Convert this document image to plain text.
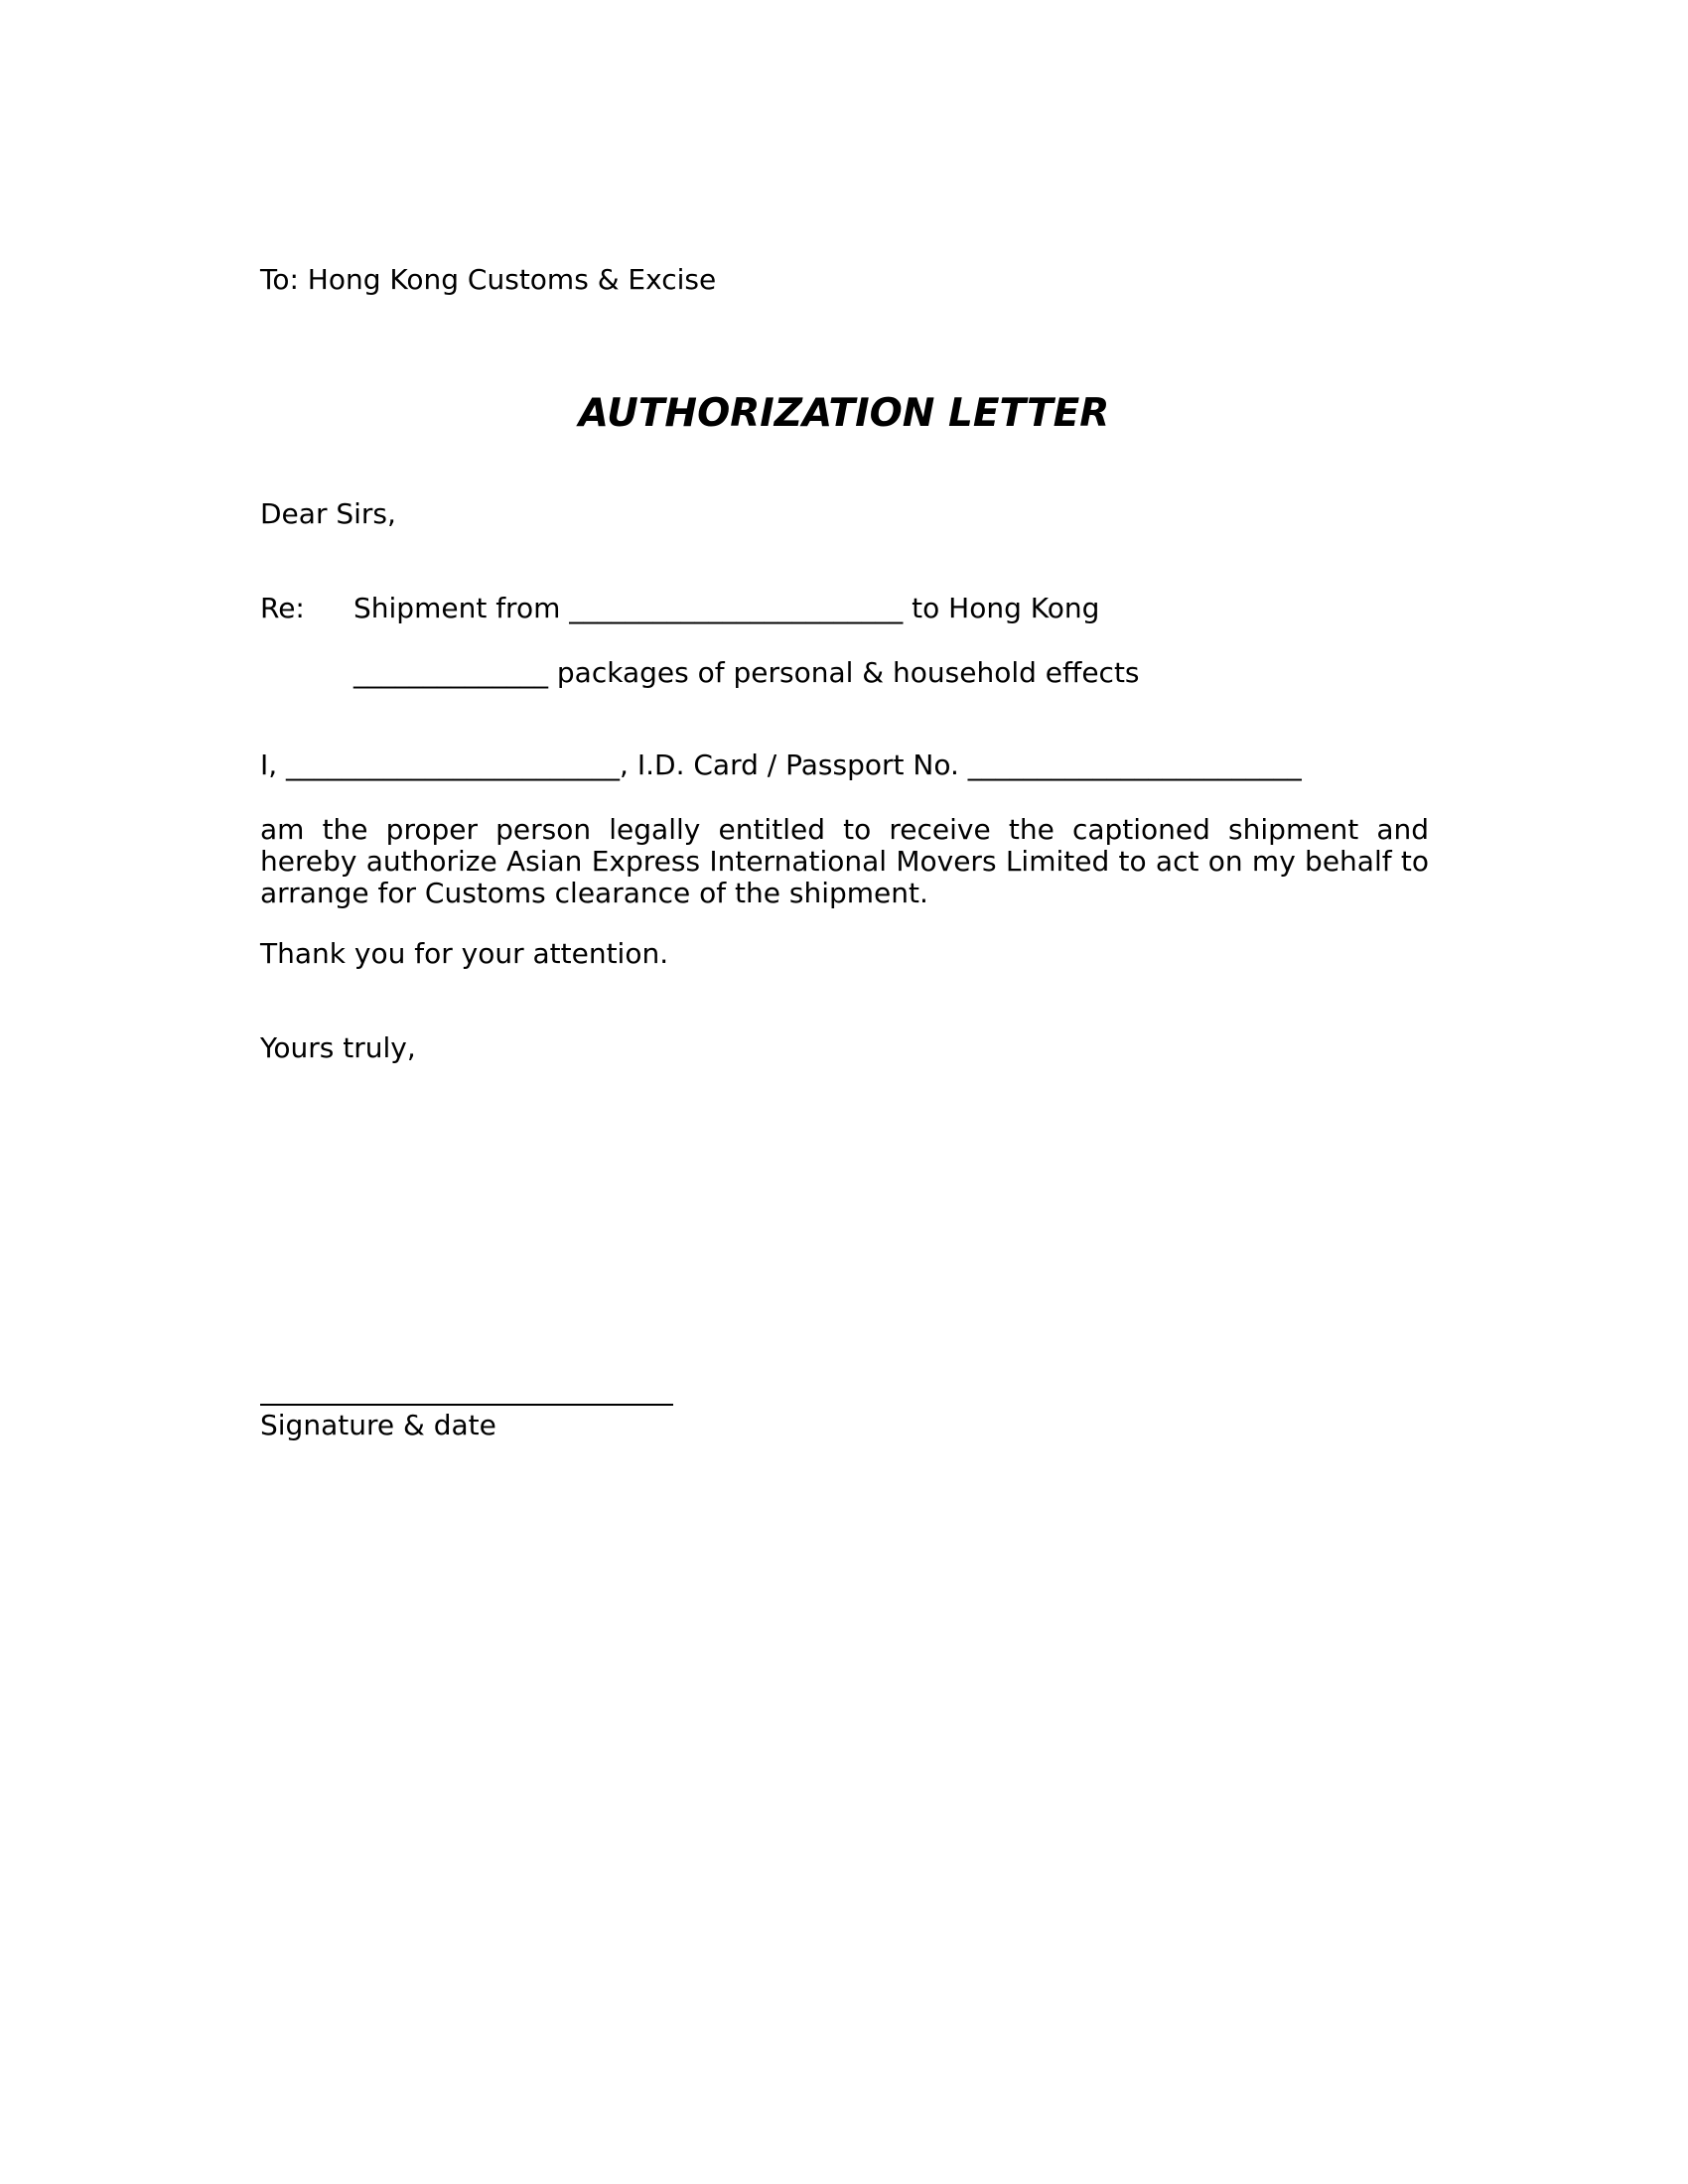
To: Hong Kong Customs & Excise
AUTHORIZATION LETTER
Dear Sirs,
Re: Shipment from ________________________ to Hong Kong
______________ packages of personal & household effects
I, ________________________, I.D. Card / Passport No. ________________________
am the proper person legally entitled to receive the captioned shipment and hereby authorize Asian Express International Movers Limited to act on my behalf to arrange for Customs clearance of the shipment.
Thank you for your attention.
Yours truly,
Signature & date
